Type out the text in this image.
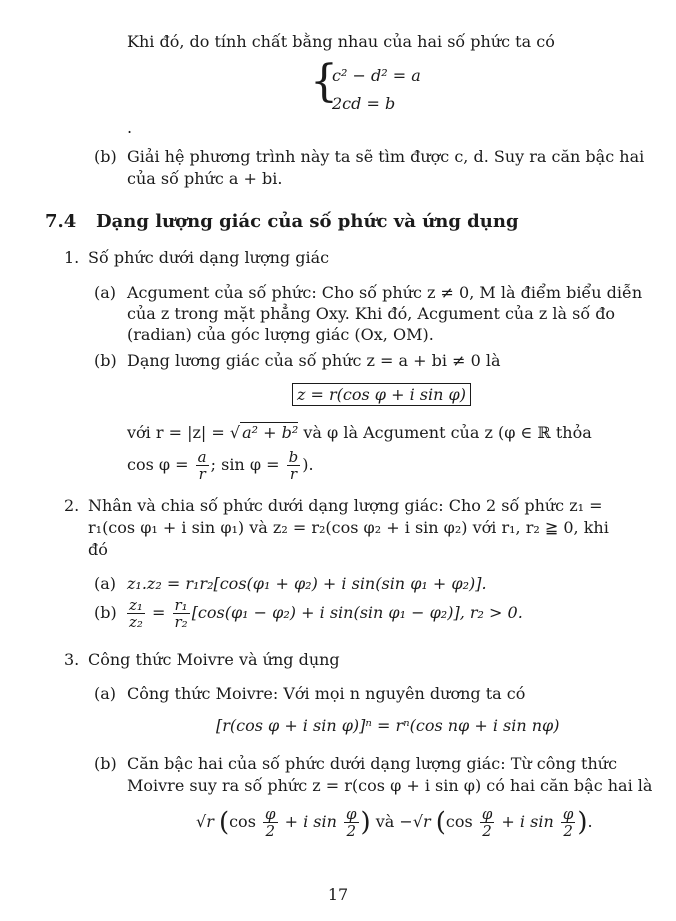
Khi đó, do tính chất bằng nhau của hai số phức ta có
{
c² − d² = a
2cd = b
.
(b) Giải hệ phương trình này ta sẽ tìm được c, d. Suy ra căn bậc hai
của số phức a + bi.
7.4 Dạng lượng giác của số phức và ứng dụng
1. Số phức dưới dạng lượng giác
(a) Acgument của số phức: Cho số phức z ≠ 0, M là điểm biểu diễn
của z trong mặt phẳng Oxy. Khi đó, Acgument của z là số đo
(radian) của góc lượng giác (Ox, OM).
(b) Dạng lương giác của số phức z = a + bi ≠ 0 là
z = r(cos φ + i sin φ)
với r = |z| = √ a² + b² và φ là Acgument của z (φ ∈ ℝ thỏa
$\cos \varphi = \frac{a}{r}$ ; $\sin \varphi = \frac{b}{r}$ ).
2. Nhân và chia số phức dưới dạng lượng giác: Cho 2 số phức z₁ =
r₁(cos φ₁ + i sin φ₁) và z₂ = r₂(cos φ₂ + i sin φ₂) với r₁, r₂ ≧ 0, khi
đó
(a) z₁.z₂ = r₁r₂[cos(φ₁ + φ₂) + i sin(sin φ₁ + φ₂)].
$(b) \frac{\text{z₁}}{\text{z₂}} = \frac{\text{r₁}}{\text{r₂}} [\cos(\varphi_1 - \varphi_2) + i$ sin(sin φ₁ − φ₂)], r₂ > 0.
3. Công thức Moivre và ứng dụng
(a) Công thức Moivre: Với mọi n nguyên dương ta có
[r(cos φ + i sin φ)]ⁿ = rⁿ(cos nφ + i sin nφ)
(b) Căn bậc hai của số phức dưới dạng lượng giác: Từ công thức
Moivre suy ra số phức z = r(cos φ + i sin φ) có hai căn bậc hai là
√r ($\cos \frac{\varphi}{2} + i$ $\sin \frac{\varphi}{2}$ ) và −√r ($\cos \frac{\varphi}{2} + i$ $\sin \frac{\varphi}{2}$ ).
17
